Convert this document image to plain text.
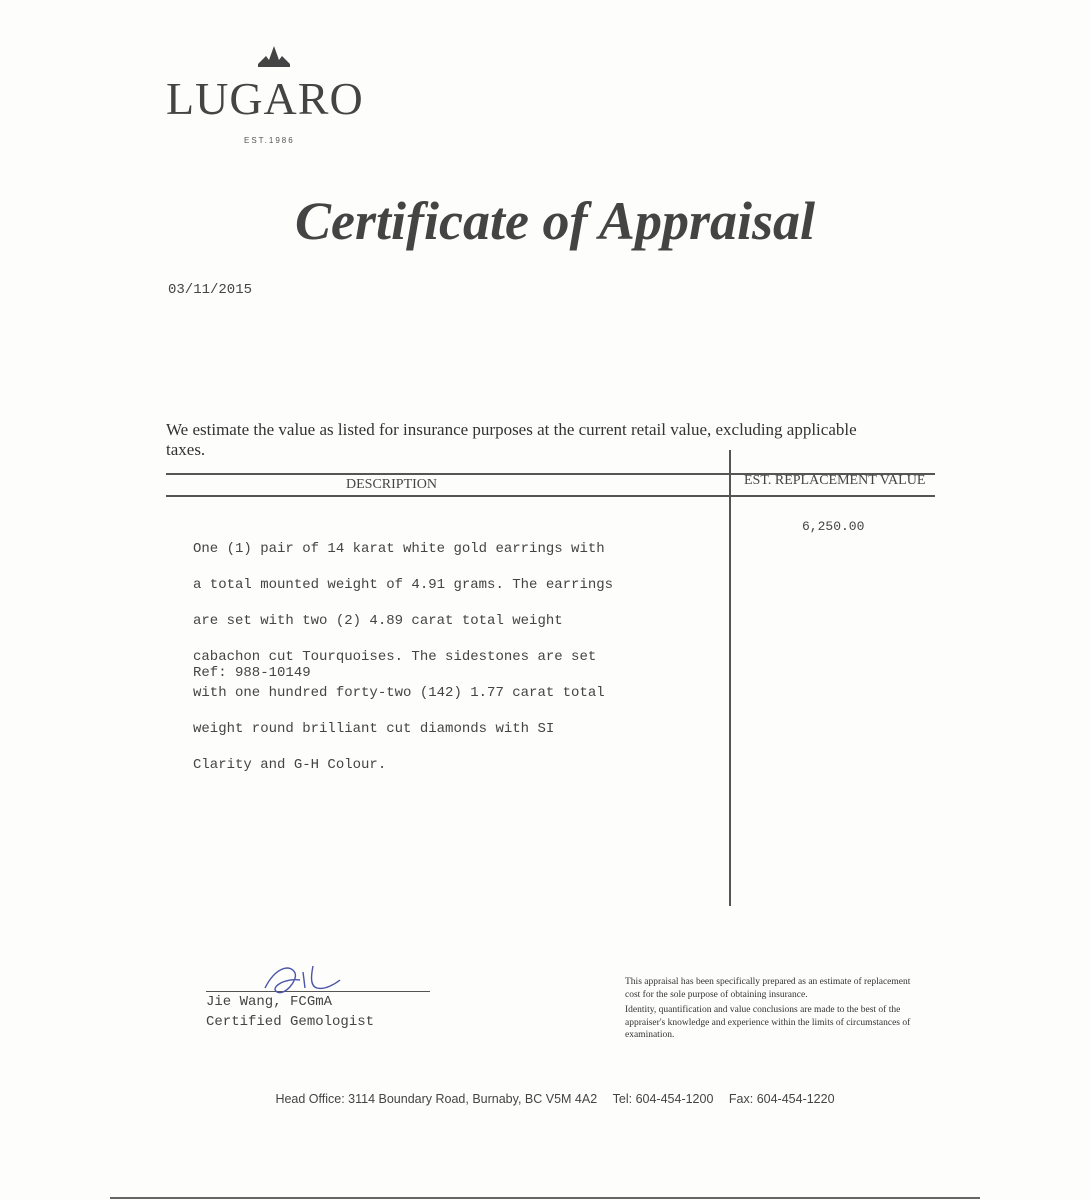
LUGARO
EST.1986
Certificate of Appraisal
03/11/2015
We estimate the value as listed for insurance purposes at the current retail value, excluding applicable taxes.
DESCRIPTION	EST. REPLACEMENT VALUE

One (1) pair of 14 karat white gold earrings with

a total mounted weight of 4.91 grams. The earrings

are set with two (2) 4.89 carat total weight

cabachon cut Tourquoises. The sidestones are set

with one hundred forty-two (142) 1.77 carat total

weight round brilliant cut diamonds with SI

Clarity and G-H Colour.

Ref: 988-10149
6,250.00
Jie Wang, FCGmA
Certified Gemologist

This appraisal has been specifically prepared as an estimate of replacement cost for the sole purpose of obtaining insurance.

Identity, quantification and value conclusions are made to the best of the appraiser's knowledge and experience within the limits of circumstances of examination.

Head Office: 3114 Boundary Road, Burnaby, BC V5M 4A2 Tel: 604-454-1200 Fax: 604-454-1220
